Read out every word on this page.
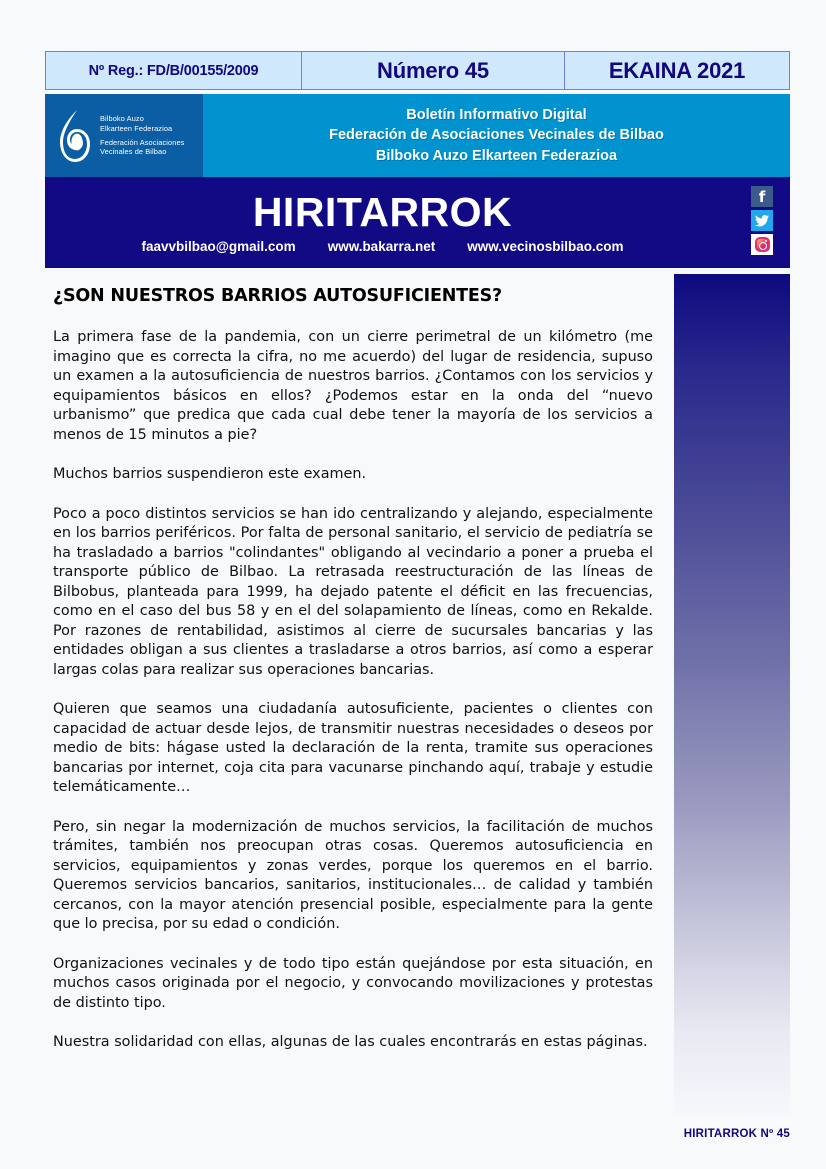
Nº Reg.: FD/B/00155/2009	Número 45	EKAINA 2021
Bilboko Auzo
Elkarteen Federazioa
Federación Asociaciones
Vecinales de Bilbao
Boletín Informativo Digital
Federación de Asociaciones Vecinales de Bilbao
Bilboko Auzo Elkarteen Federazioa
HIRITARROK
faavvbilbao@gmail.com www.bakarra.net www.vecinosbilbao.com
f
¿SON NUESTROS BARRIOS AUTOSUFICIENTES?

La primera fase de la pandemia, con un cierre perimetral de un kilómetro (me imagino que es correcta la cifra, no me acuerdo) del lugar de residencia, supuso un examen a la autosuficiencia de nuestros barrios. ¿Contamos con los servicios y equipamientos básicos en ellos? ¿Podemos estar en la onda del “nuevo urbanismo” que predica que cada cual debe tener la mayoría de los servicios a menos de 15 minutos a pie?

Muchos barrios suspendieron este examen.

Poco a poco distintos servicios se han ido centralizando y alejando, especialmente en los barrios periféricos. Por falta de personal sanitario, el servicio de pediatría se ha trasladado a barrios "colindantes" obligando al vecindario a poner a prueba el transporte público de Bilbao. La retrasada reestructuración de las líneas de Bilbobus, planteada para 1999, ha dejado patente el déficit en las frecuencias, como en el caso del bus 58 y en el del solapamiento de líneas, como en Rekalde. Por razones de rentabilidad, asistimos al cierre de sucursales bancarias y las entidades obligan a sus clientes a trasladarse a otros barrios, así como a esperar largas colas para realizar sus operaciones bancarias.

Quieren que seamos una ciudadanía autosuficiente, pacientes o clientes con capacidad de actuar desde lejos, de transmitir nuestras necesidades o deseos por medio de bits: hágase usted la declaración de la renta, tramite sus operaciones bancarias por internet, coja cita para vacunarse pinchando aquí, trabaje y estudie telemáticamente…

Pero, sin negar la modernización de muchos servicios, la facilitación de muchos trámites, también nos preocupan otras cosas. Queremos autosuficiencia en servicios, equipamientos y zonas verdes, porque los queremos en el barrio. Queremos servicios bancarios, sanitarios, institucionales… de calidad y también cercanos, con la mayor atención presencial posible, especialmente para la gente que lo precisa, por su edad o condición.

Organizaciones vecinales y de todo tipo están quejándose por esta situación, en muchos casos originada por el negocio, y convocando movilizaciones y protestas de distinto tipo.

Nuestra solidaridad con ellas, algunas de las cuales encontrarás en estas páginas.

HIRITARROK Nº 45
